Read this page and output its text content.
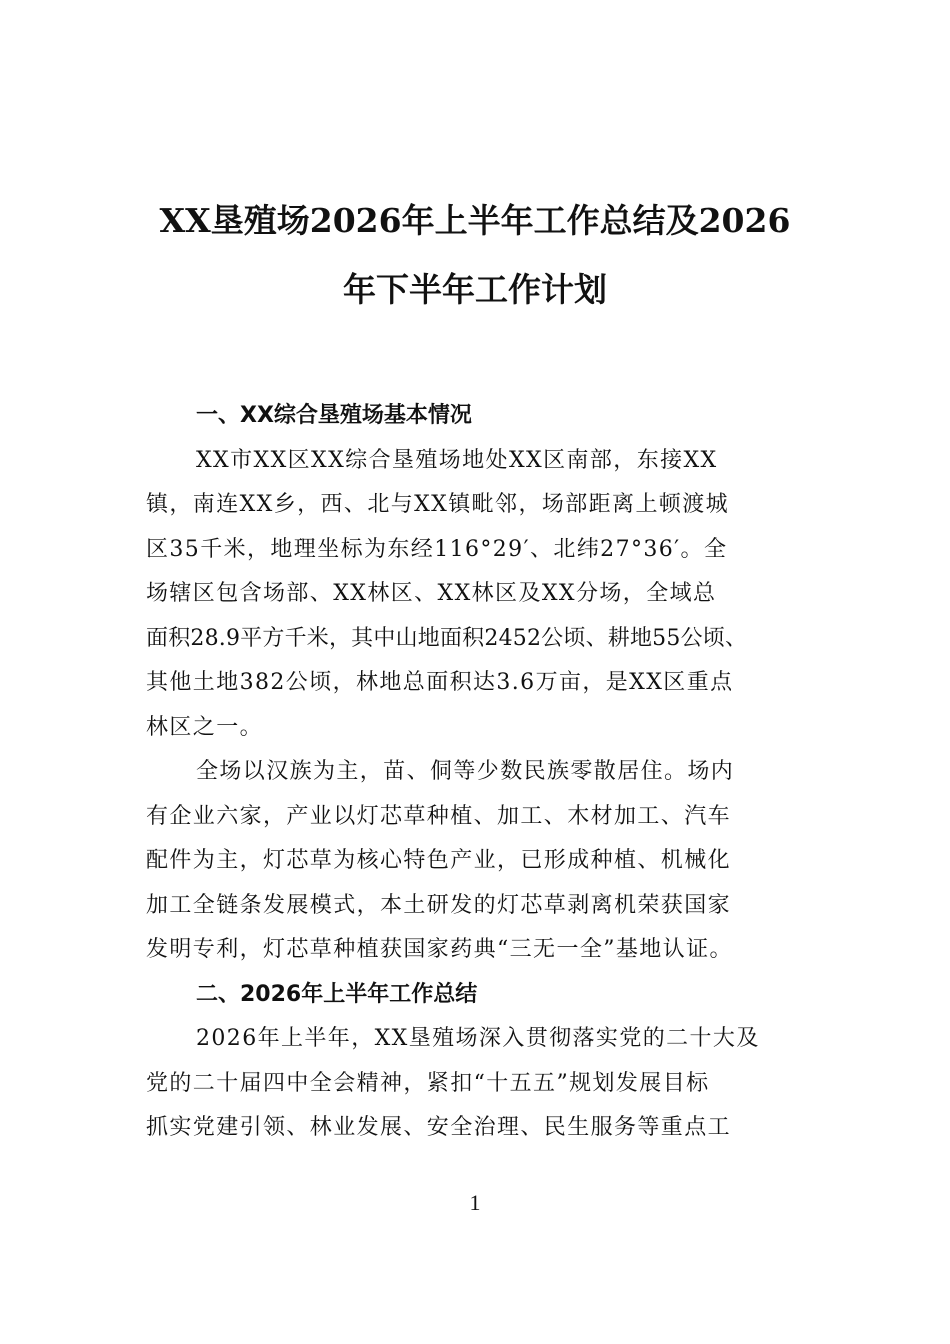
XX垦殖场2026年上半年工作总结及2026
年下半年工作计划
一、XX综合垦殖场基本情况

XX市XX区XX综合垦殖场地处XX区南部，东接XX
镇，南连XX乡，西、北与XX镇毗邻，场部距离上顿渡城
区35千米，地理坐标为东经116°29′、北纬27°36′。全
场辖区包含场部、XX林区、XX林区及XX分场，全域总
面积28.9平方千米，其中山地面积2452公顷、耕地55公顷、
其他土地382公顷，林地总面积达3.6万亩，是XX区重点
林区之一。

全场以汉族为主，苗、侗等少数民族零散居住。场内
有企业六家，产业以灯芯草种植、加工、木材加工、汽车
配件为主，灯芯草为核心特色产业，已形成种植、机械化
加工全链条发展模式，本土研发的灯芯草剥离机荣获国家
发明专利，灯芯草种植获国家药典“三无一全”基地认证。

二、2026年上半年工作总结

2026年上半年，XX垦殖场深入贯彻落实党的二十大及
党的二十届四中全会精神，紧扣“十五五”规划发展目标
抓实党建引领、林业发展、安全治理、民生服务等重点工

1
